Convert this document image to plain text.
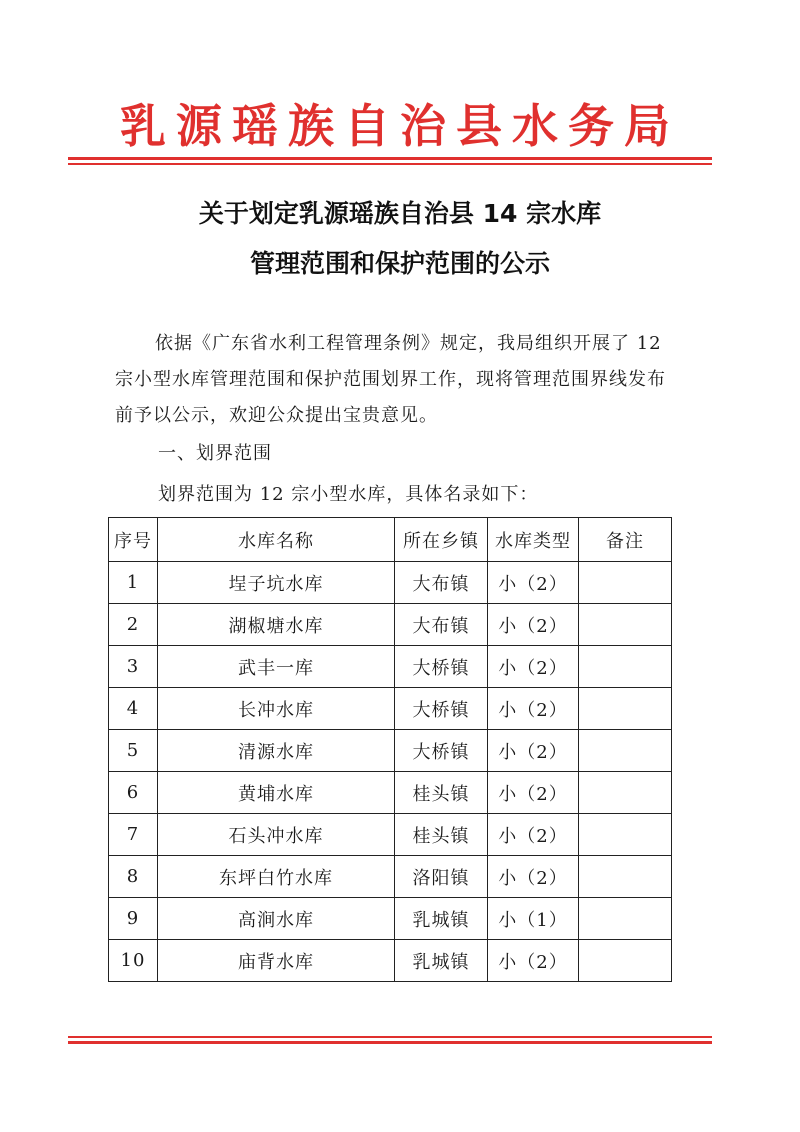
乳源瑶族自治县水务局
关于划定乳源瑶族自治县 14 宗水库
管理范围和保护范围的公示
依据《广东省水利工程管理条例》规定，我局组织开展了 12 宗小型水库管理范围和保护范围划界工作，现将管理范围界线发布前予以公示，欢迎公众提出宝贵意见。
一、划界范围
划界范围为 12 宗小型水库，具体名录如下：
序号	水库名称	所在乡镇	水库类型	备注
1	埕子坑水库	大布镇	小（2）	
2	湖椒塘水库	大布镇	小（2）	
3	武丰一库	大桥镇	小（2）	
4	长冲水库	大桥镇	小（2）	
5	清源水库	大桥镇	小（2）	
6	黄埔水库	桂头镇	小（2）	
7	石头冲水库	桂头镇	小（2）	
8	东坪白竹水库	洛阳镇	小（2）	
9	高涧水库	乳城镇	小（1）	
10	庙背水库	乳城镇	小（2）	
